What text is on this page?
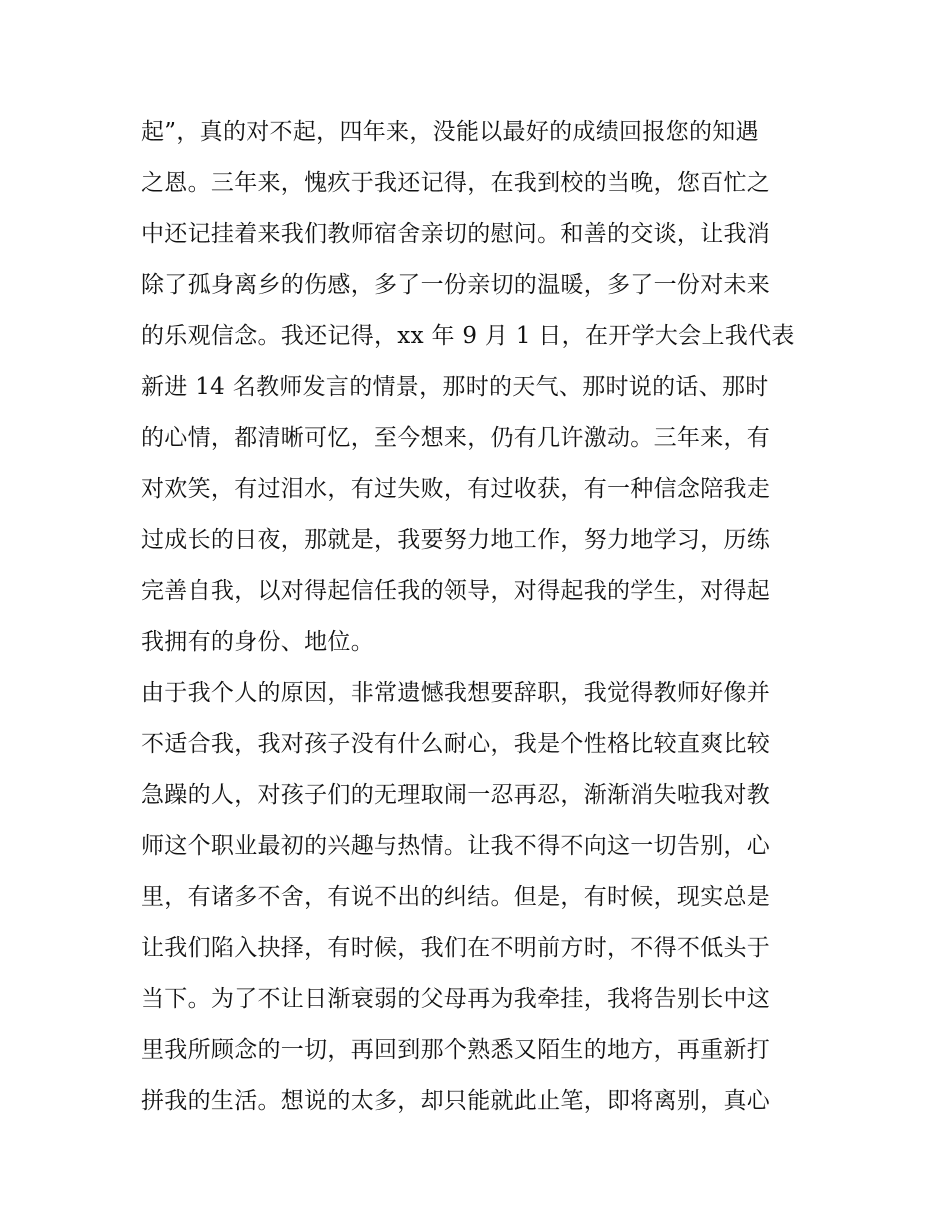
起”，真的对不起，四年来，没能以最好的成绩回报您的知遇
之恩。三年来，愧疚于我还记得，在我到校的当晚，您百忙之
中还记挂着来我们教师宿舍亲切的慰问。和善的交谈，让我消
除了孤身离乡的伤感，多了一份亲切的温暖，多了一份对未来
的乐观信念。我还记得，xx 年 9 月 1 日，在开学大会上我代表
新进 14 名教师发言的情景，那时的天气、那时说的话、那时
的心情，都清晰可忆，至今想来，仍有几许激动。三年来，有
对欢笑，有过泪水，有过失败，有过收获，有一种信念陪我走
过成长的日夜，那就是，我要努力地工作，努力地学习，历练
完善自我，以对得起信任我的领导，对得起我的学生，对得起
我拥有的身份、地位。
由于我个人的原因，非常遗憾我想要辞职，我觉得教师好像并
不适合我，我对孩子没有什么耐心，我是个性格比较直爽比较
急躁的人，对孩子们的无理取闹一忍再忍，渐渐消失啦我对教
师这个职业最初的兴趣与热情。让我不得不向这一切告别，心
里，有诸多不舍，有说不出的纠结。但是，有时候，现实总是
让我们陷入抉择，有时候，我们在不明前方时，不得不低头于
当下。为了不让日渐衰弱的父母再为我牵挂，我将告别长中这
里我所顾念的一切，再回到那个熟悉又陌生的地方，再重新打
拼我的生活。想说的太多，却只能就此止笔，即将离别，真心
